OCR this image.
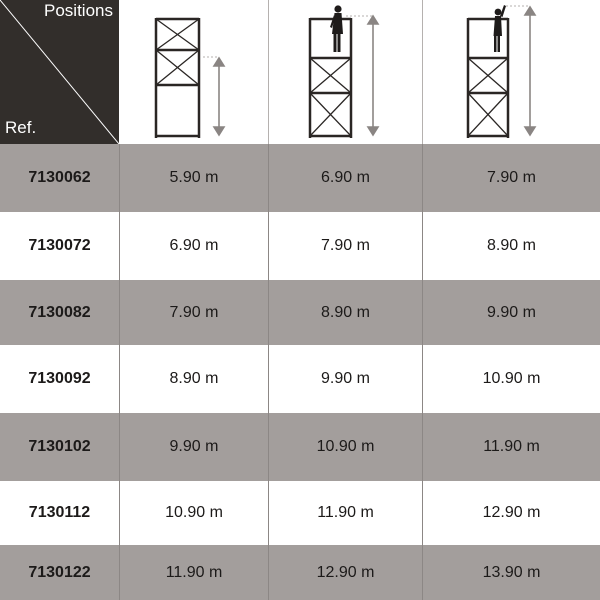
Positions
Ref.
7130062	5.90 m	6.90 m	7.90 m
7130072	6.90 m	7.90 m	8.90 m
7130082	7.90 m	8.90 m	9.90 m
7130092	8.90 m	9.90 m	10.90 m
7130102	9.90 m	10.90 m	11.90 m
7130112	10.90 m	11.90 m	12.90 m
7130122	11.90 m	12.90 m	13.90 m
